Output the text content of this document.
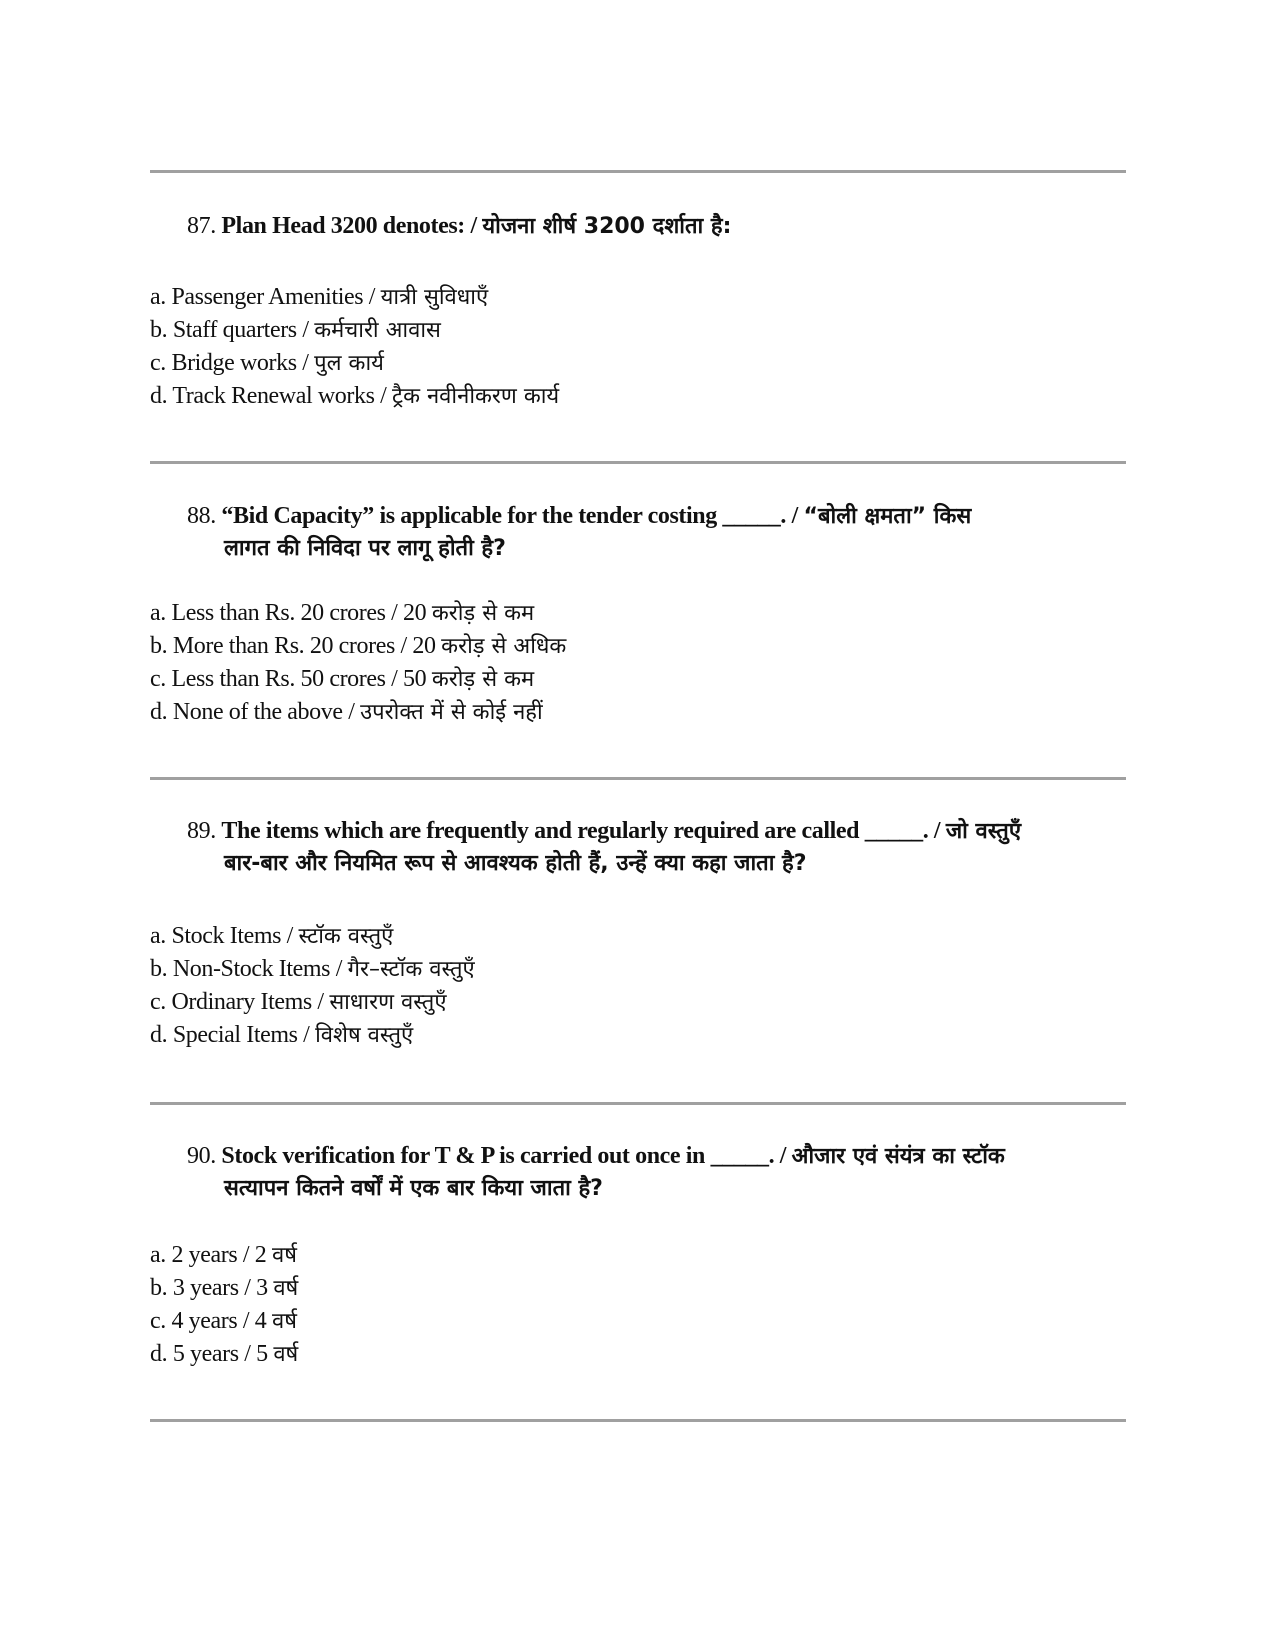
87. Plan Head 3200 denotes: / योजना शीर्ष 3200 दर्शाता है:
a. Passenger Amenities / यात्री सुविधाएँ
b. Staff quarters / कर्मचारी आवास
c. Bridge works / पुल कार्य
d. Track Renewal works / ट्रैक नवीनीकरण कार्य
88. “Bid Capacity” is applicable for the tender costing _____. / “बोली क्षमता” किस
लागत की निविदा पर लागू होती है?
a. Less than Rs. 20 crores / 20 करोड़ से कम
b. More than Rs. 20 crores / 20 करोड़ से अधिक
c. Less than Rs. 50 crores / 50 करोड़ से कम
d. None of the above / उपरोक्त में से कोई नहीं
89. The items which are frequently and regularly required are called _____. / जो वस्तुएँ
बार-बार और नियमित रूप से आवश्यक होती हैं, उन्हें क्या कहा जाता है?
a. Stock Items / स्टॉक वस्तुएँ
b. Non-Stock Items / गैर–स्टॉक वस्तुएँ
c. Ordinary Items / साधारण वस्तुएँ
d. Special Items / विशेष वस्तुएँ
90. Stock verification for T & P is carried out once in _____. / औजार एवं संयंत्र का स्टॉक
सत्यापन कितने वर्षों में एक बार किया जाता है?
a. 2 years / 2 वर्ष
b. 3 years / 3 वर्ष
c. 4 years / 4 वर्ष
d. 5 years / 5 वर्ष
